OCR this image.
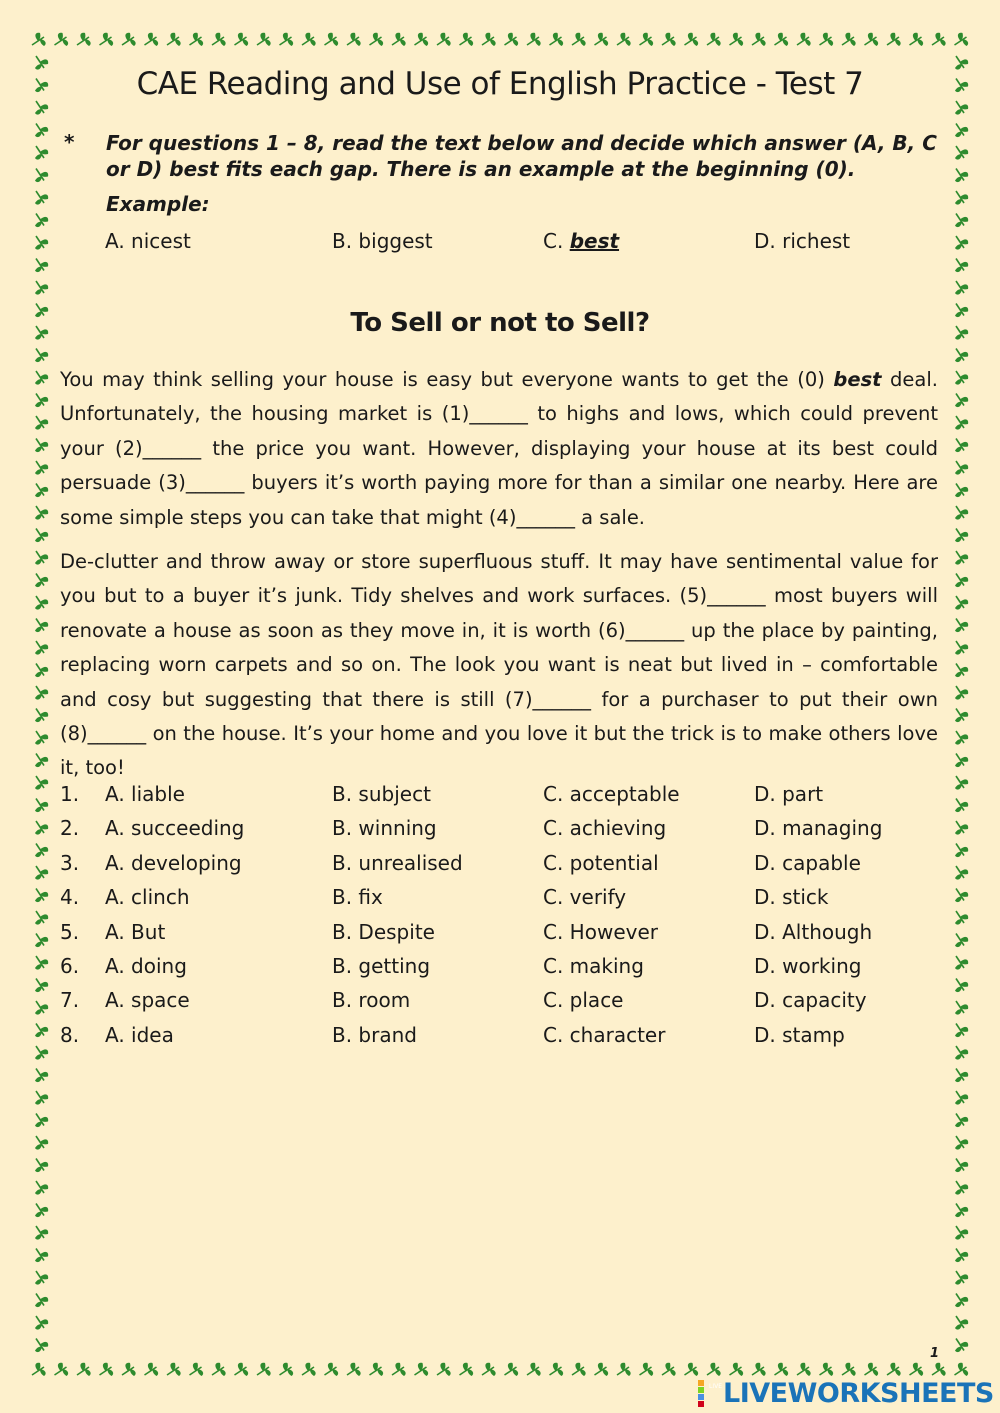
CAE Reading and Use of English Practice - Test 7
* For questions 1 – 8, read the text below and decide which answer (A, B, C or D) best fits each gap. There is an example at the beginning (0).
Example:
A. nicest	B. biggest	C. best	D. richest
To Sell or not to Sell?

You may think selling your house is easy but everyone wants to get the (0) best deal. Unfortunately, the housing market is (1)______ to highs and lows, which could prevent your (2)______ the price you want. However, displaying your house at its best could persuade (3)______ buyers it’s worth paying more for than a similar one nearby. Here are some simple steps you can take that might (4)______ a sale.

De-clutter and throw away or store superfluous stuff. It may have sentimental value for you but to a buyer it’s junk. Tidy shelves and work surfaces. (5)______ most buyers will renovate a house as soon as they move in, it is worth (6)______ up the place by painting, replacing worn carpets and so on. The look you want is neat but lived in – comfortable and cosy but suggesting that there is still (7)______ for a purchaser to put their own (8)______ on the house. It’s your home and you love it but the trick is to make others love it, too!

1. A. liable	B. subject	C. acceptable	D. part
2. A. succeeding	B. winning	C. achieving	D. managing
3. A. developing	B. unrealised	C. potential	D. capable
4. A. clinch	B. fix	C. verify	D. stick
5. A. But	B. Despite	C. However	D. Although
6. A. doing	B. getting	C. making	D. working
7. A. space	B. room	C. place	D. capacity
8. A. idea	B. brand	C. character	D. stamp
1
LIVE LIVEWORKSHEETS
